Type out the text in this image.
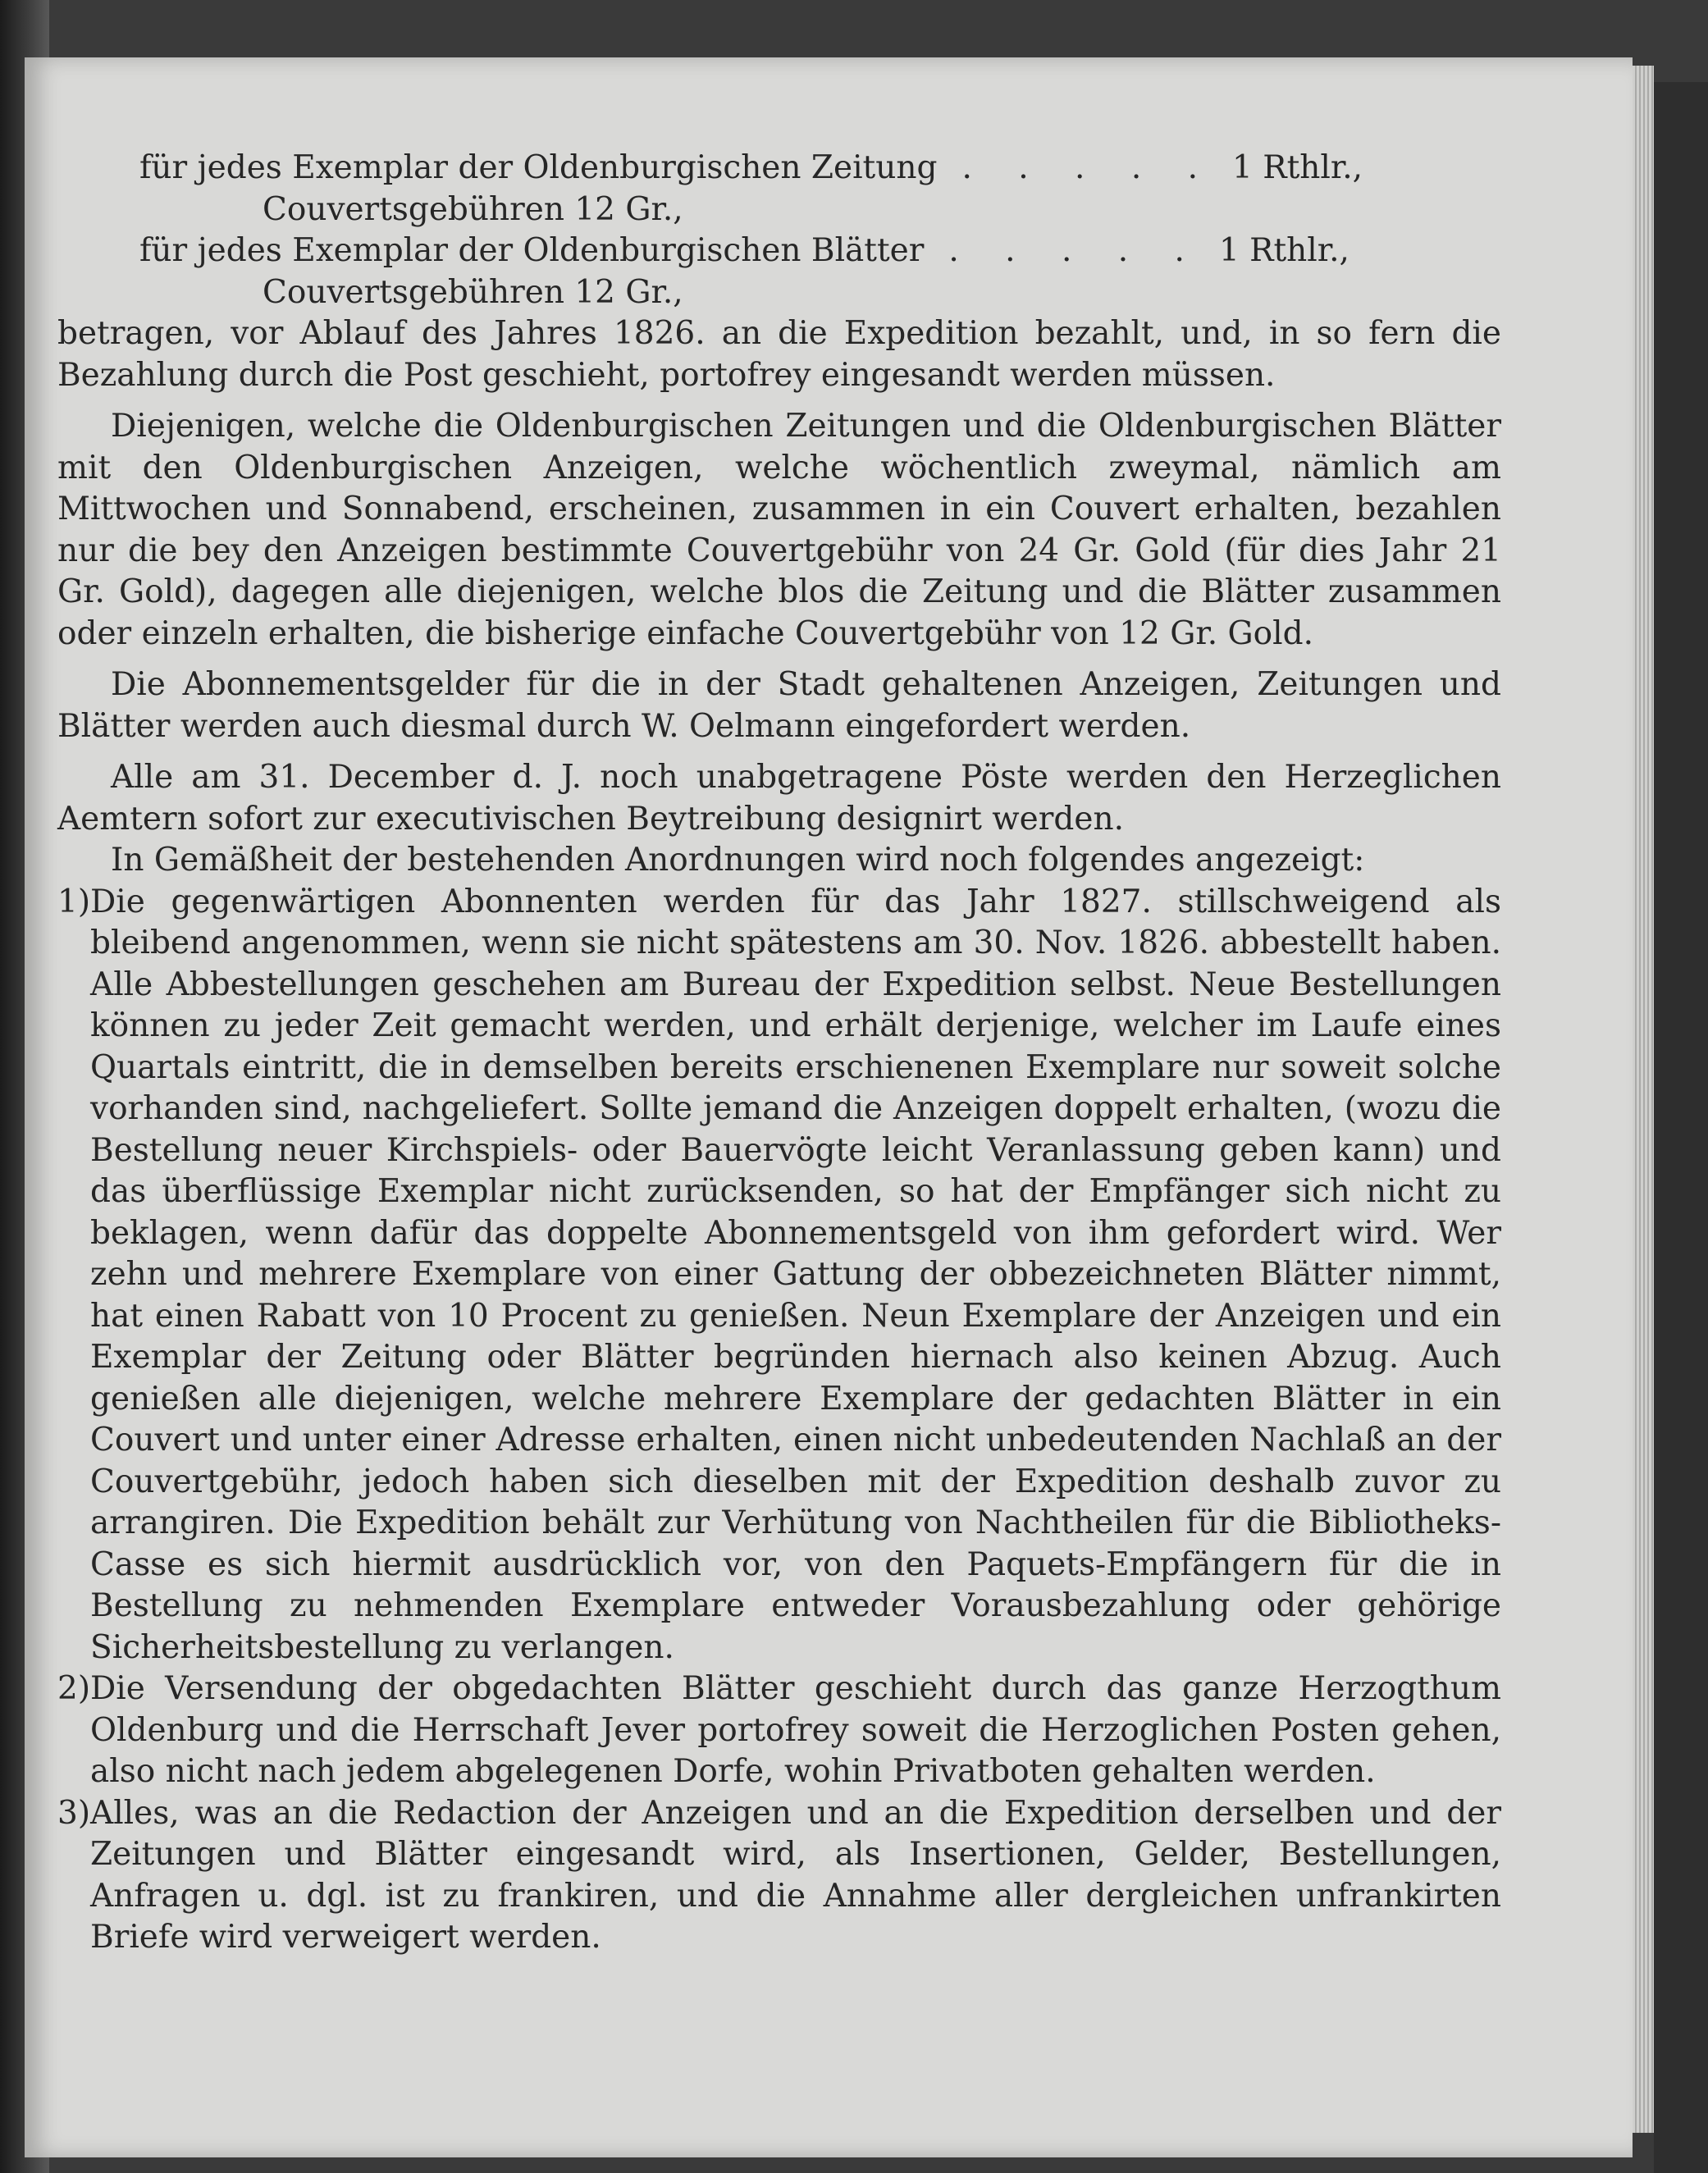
für jedes Exemplar der Oldenburgischen Zeitung . . . . . 1 Rthlr.,

Couvertsgebühren 12 Gr.,

für jedes Exemplar der Oldenburgischen Blätter . . . . . 1 Rthlr.,

Couvertsgebühren 12 Gr.,

betragen, vor Ablauf des Jahres 1826. an die Expedition bezahlt, und, in so fern die Bezahlung durch die Post geschieht, portofrey eingesandt werden müssen.

Diejenigen, welche die Oldenburgischen Zeitungen und die Oldenburgischen Blätter mit den Oldenburgischen Anzeigen, welche wöchentlich zweymal, nämlich am Mittwochen und Sonnabend, erscheinen, zusammen in ein Couvert erhalten, bezahlen nur die bey den Anzeigen bestimmte Couvertgebühr von 24 Gr. Gold (für dies Jahr 21 Gr. Gold), dagegen alle diejenigen, welche blos die Zeitung und die Blätter zusammen oder einzeln erhalten, die bisherige einfache Couvertgebühr von 12 Gr. Gold.

Die Abonnementsgelder für die in der Stadt gehaltenen Anzeigen, Zeitungen und Blätter werden auch diesmal durch W. Oelmann eingefordert werden.

Alle am 31. December d. J. noch unabgetragene Pöste werden den Herzeglichen Aemtern sofort zur executivischen Beytreibung designirt werden.

In Gemäßheit der bestehenden Anordnungen wird noch folgendes angezeigt:

1) Die gegenwärtigen Abonnenten werden für das Jahr 1827. stillschweigend als bleibend angenommen, wenn sie nicht spätestens am 30. Nov. 1826. abbestellt haben. Alle Abbestellungen geschehen am Bureau der Expedition selbst. Neue Bestellungen können zu jeder Zeit gemacht werden, und erhält derjenige, welcher im Laufe eines Quartals eintritt, die in demselben bereits erschienenen Exemplare nur soweit solche vorhanden sind, nachgeliefert. Sollte jemand die Anzeigen doppelt erhalten, (wozu die Bestellung neuer Kirchspiels- oder Bauervögte leicht Veranlassung geben kann) und das überflüssige Exemplar nicht zurücksenden, so hat der Empfänger sich nicht zu beklagen, wenn dafür das doppelte Abonnementsgeld von ihm gefordert wird. Wer zehn und mehrere Exemplare von einer Gattung der obbezeichneten Blätter nimmt, hat einen Rabatt von 10 Procent zu genießen. Neun Exemplare der Anzeigen und ein Exemplar der Zeitung oder Blätter begründen hiernach also keinen Abzug. Auch genießen alle diejenigen, welche mehrere Exemplare der gedachten Blätter in ein Couvert und unter einer Adresse erhalten, einen nicht unbedeutenden Nachlaß an der Couvertgebühr, jedoch haben sich dieselben mit der Expedition deshalb zuvor zu arrangiren. Die Expedition behält zur Verhütung von Nachtheilen für die Bibliotheks-Casse es sich hiermit ausdrücklich vor, von den Paquets-Empfängern für die in Bestellung zu nehmenden Exemplare entweder Vorausbezahlung oder gehörige Sicherheitsbestellung zu verlangen.
2) Die Versendung der obgedachten Blätter geschieht durch das ganze Herzogthum Oldenburg und die Herrschaft Jever portofrey soweit die Herzoglichen Posten gehen, also nicht nach jedem abgelegenen Dorfe, wohin Privatboten gehalten werden.
3) Alles, was an die Redaction der Anzeigen und an die Expedition derselben und der Zeitungen und Blätter eingesandt wird, als Insertionen, Gelder, Bestellungen, Anfragen u. dgl. ist zu frankiren, und die Annahme aller dergleichen unfrankirten Briefe wird verweigert werden.
